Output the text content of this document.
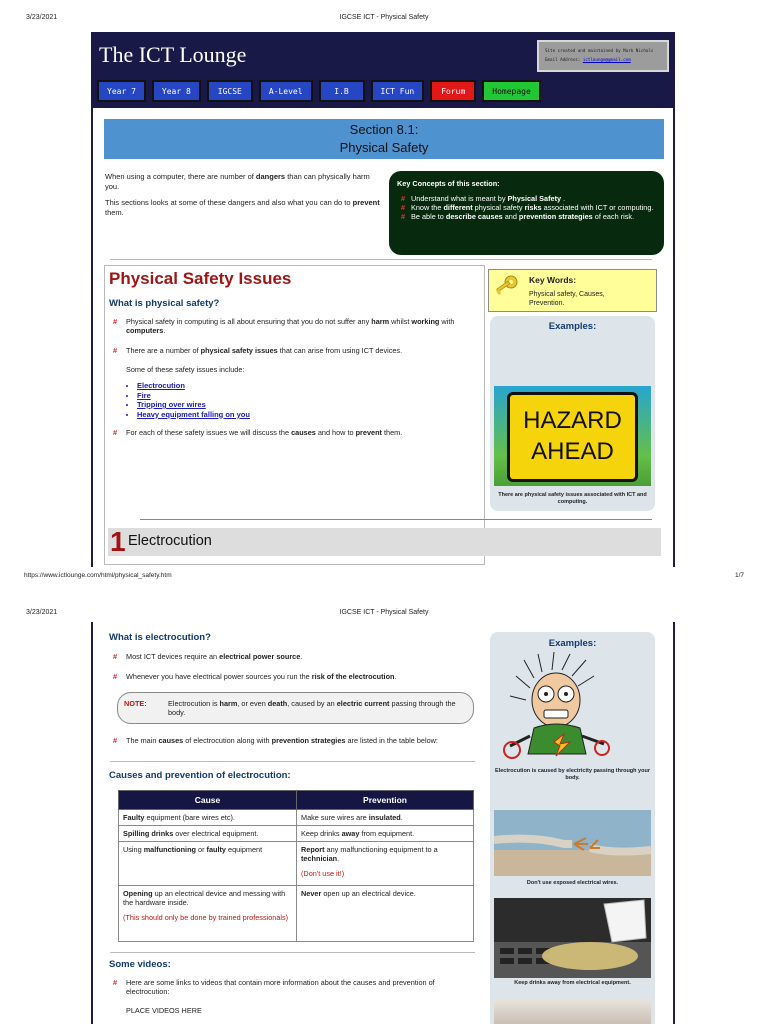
3/23/2021	IGCSE ICT - Physical Safety
The ICT Lounge	Site created and maintained by Mark Nichols
Email Address: ictlounge@gmail.com
Year 7	Year 8	IGCSE	A-Level	I.B	ICT Fun	Forum	Homepage
Section 8.1:
Physical Safety

When using a computer, there are number of dangers than can physically harm you.

This sections looks at some of these dangers and also what you can do to prevent them.

Key Concepts of this section:
# Understand what is meant by Physical Safety .
# Know the different physical safety risks associated with ICT or computing.
# Be able to describe causes and prevention strategies of each risk.
Physical Safety Issues
What is physical safety?
# Physical safety in computing is all about ensuring that you do not suffer any harm whilst working with computers.
# There are a number of physical safety issues that can arise from using ICT devices.
Some of these safety issues include:
• Electrocution
• Fire
• Tripping over wires
• Heavy equipment falling on you
# For each of these safety issues we will discuss the causes and how to prevent them.
Key Words:
Physical safety, Causes, Prevention.
Examples:
There are physical safety issues associated with ICT and computing.
HAZARD
AHEAD
1 Electrocution
https://www.ictlounge.com/html/physical_safety.htm	1/7
3/23/2021	IGCSE ICT - Physical Safety
What is electrocution?
# Most ICT devices require an electrical power source.
# Whenever you have electrical power sources you run the risk of the electrocution.
NOTE:	Electrocution is harm, or even death, caused by an electric current passing through the body.
# The main causes of electrocution along with prevention strategies are listed in the table below:
Causes and prevention of electrocution:
Cause	Prevention
Faulty equipment (bare wires etc).	Make sure wires are insulated.
Spilling drinks over electrical equipment.	Keep drinks away from equipment.
Using malfunctioning or faulty equipment	Report any malfunctioning equipment to a technician.
(Don't use it!)

Opening up an electrical device and messing with the hardware inside.
(This should only be done by trained professionals)	Never open up an electrical device.
Some videos:
# Here are some links to videos that contain more information about the causes and prevention of electrocution:
PLACE VIDEOS HERE
Examples:
Electrocution is caused by electricity passing through your body.
Don't use exposed electrical wires.
Keep drinks away from electrical equipment.
